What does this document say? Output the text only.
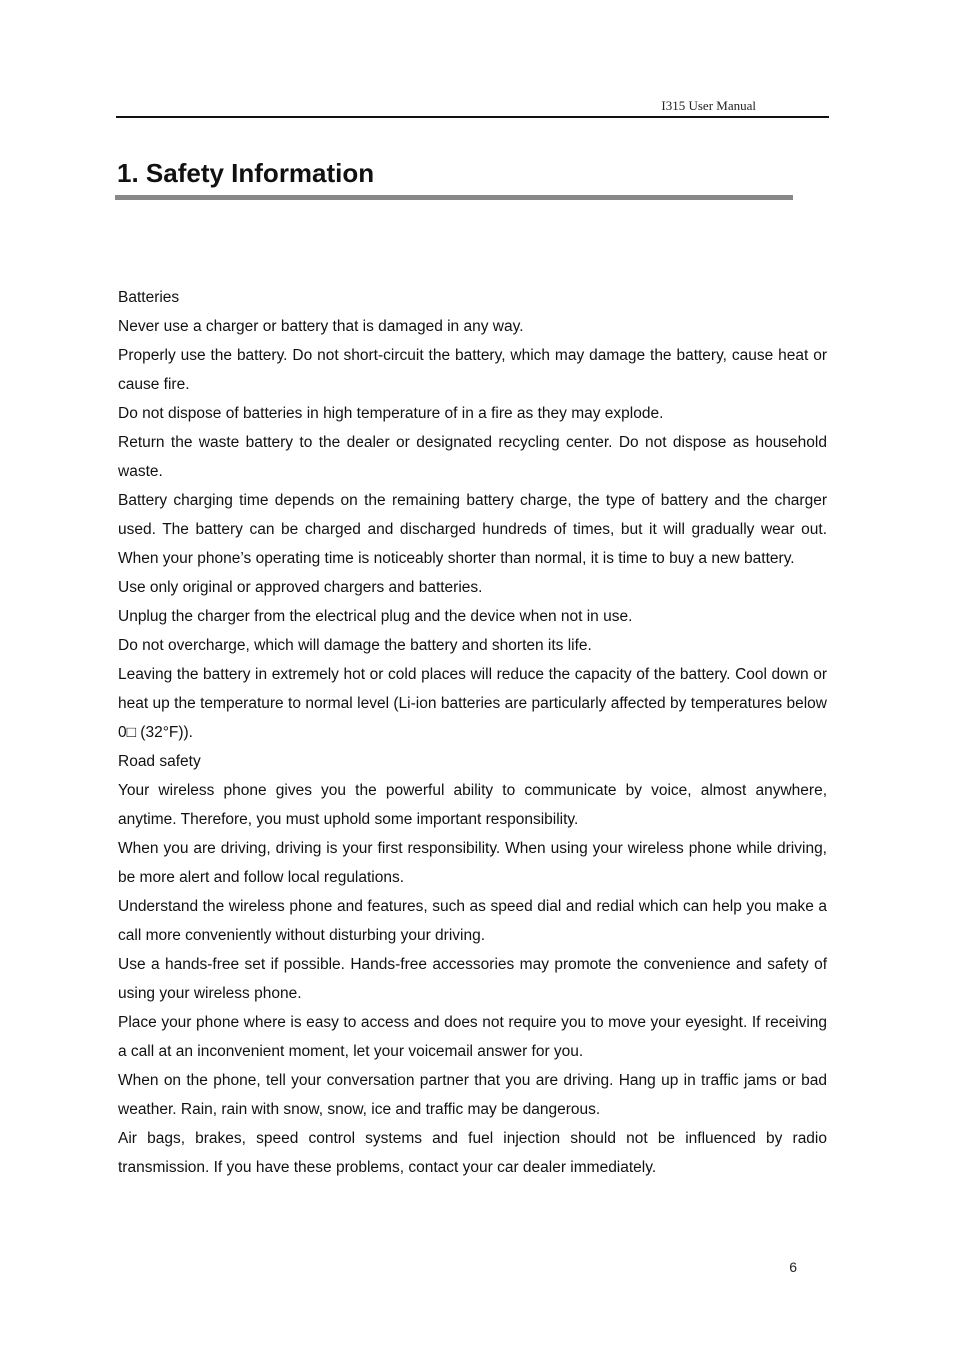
I315 User Manual
1. Safety Information

Batteries

Never use a charger or battery that is damaged in any way.

Properly use the battery. Do not short-circuit the battery, which may damage the battery, cause heat or cause fire.

Do not dispose of batteries in high temperature of in a fire as they may explode.

Return the waste battery to the dealer or designated recycling center. Do not dispose as household waste.

Battery charging time depends on the remaining battery charge, the type of battery and the charger used. The battery can be charged and discharged hundreds of times, but it will gradually wear out. When your phone’s operating time is noticeably shorter than normal, it is time to buy a new battery.

Use only original or approved chargers and batteries.

Unplug the charger from the electrical plug and the device when not in use.

Do not overcharge, which will damage the battery and shorten its life.

Leaving the battery in extremely hot or cold places will reduce the capacity of the battery. Cool down or heat up the temperature to normal level (Li-ion batteries are particularly affected by temperatures below 0□ (32°F)).

Road safety

Your wireless phone gives you the powerful ability to communicate by voice, almost anywhere, anytime. Therefore, you must uphold some important responsibility.

When you are driving, driving is your first responsibility. When using your wireless phone while driving, be more alert and follow local regulations.

Understand the wireless phone and features, such as speed dial and redial which can help you make a call more conveniently without disturbing your driving.

Use a hands-free set if possible. Hands-free accessories may promote the convenience and safety of using your wireless phone.

Place your phone where is easy to access and does not require you to move your eyesight. If receiving a call at an inconvenient moment, let your voicemail answer for you.

When on the phone, tell your conversation partner that you are driving. Hang up in traffic jams or bad weather. Rain, rain with snow, snow, ice and traffic may be dangerous.

Air bags, brakes, speed control systems and fuel injection should not be influenced by radio transmission. If you have these problems, contact your car dealer immediately.

6
